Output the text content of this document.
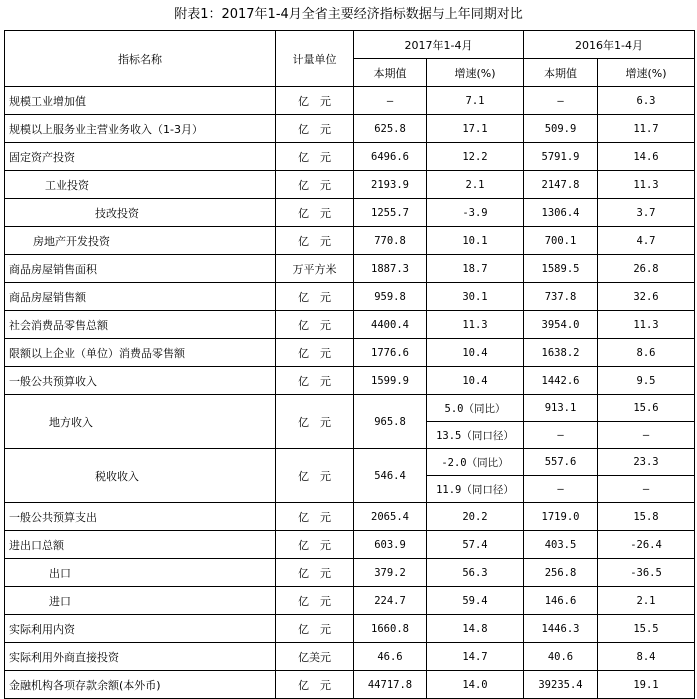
附表1：2017年1-4月全省主要经济指标数据与上年同期对比
指标名称	计量单位	2017年1-4月		2016年1-4月	
		本期值	增速(%)	本期值	增速(%)
规模工业增加值	亿　元	—	7.1	—	6.3
规模以上服务业主营业务收入（1-3月）	亿　元	625.8	17.1	509.9	11.7
固定资产投资	亿　元	6496.6	12.2	5791.9	14.6
工业投资	亿　元	2193.9	2.1	2147.8	11.3
技改投资	亿　元	1255.7	-3.9	1306.4	3.7
房地产开发投资	亿　元	770.8	10.1	700.1	4.7
商品房屋销售面积	万平方米	1887.3	18.7	1589.5	26.8
商品房屋销售额	亿　元	959.8	30.1	737.8	32.6
社会消费品零售总额	亿　元	4400.4	11.3	3954.0	11.3
限额以上企业（单位）消费品零售额	亿　元	1776.6	10.4	1638.2	8.6
一般公共预算收入	亿　元	1599.9	10.4	1442.6	9.5
地方收入	亿　元	965.8	5.0（同比）	913.1	15.6
			13.5（同口径）	—	—
税收收入	亿　元	546.4	-2.0（同比）	557.6	23.3
			11.9（同口径）	—	—
一般公共预算支出	亿　元	2065.4	20.2	1719.0	15.8
进出口总额	亿　元	603.9	57.4	403.5	-26.4
出口	亿　元	379.2	56.3	256.8	-36.5
进口	亿　元	224.7	59.4	146.6	2.1
实际利用内资	亿　元	1660.8	14.8	1446.3	15.5
实际利用外商直接投资	亿美元	46.6	14.7	40.6	8.4
金融机构各项存款余额(本外币)	亿　元	44717.8	14.0	39235.4	19.1
